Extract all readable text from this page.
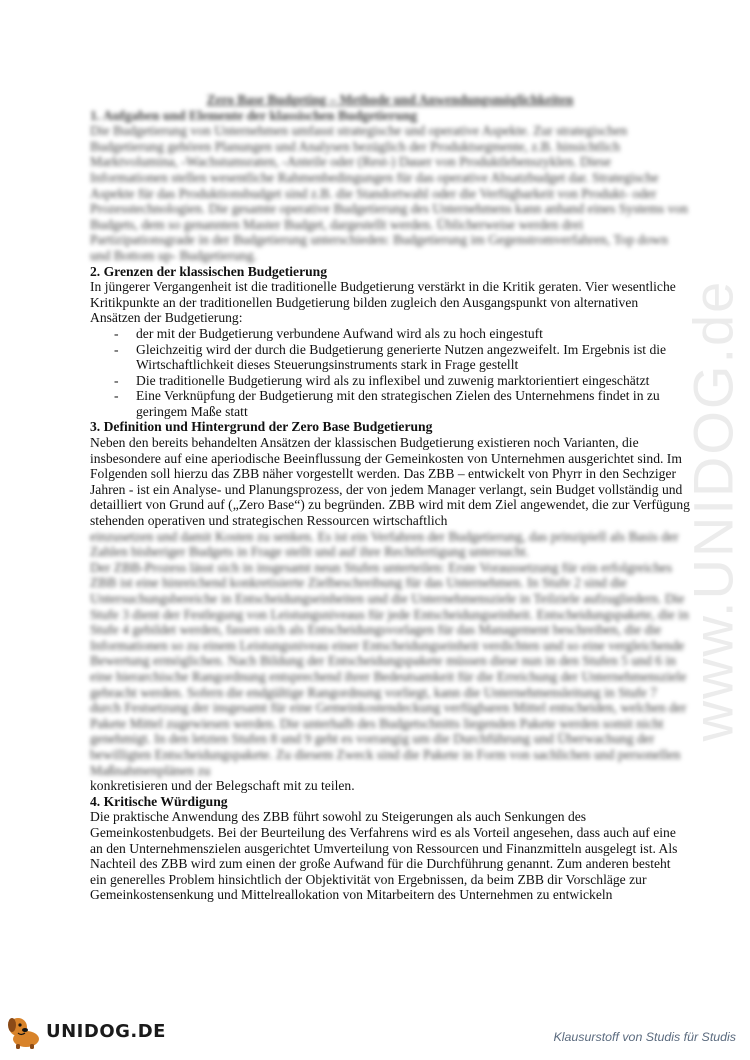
www.UNIDOG.de

Zero Base Budgeting – Methode und Anwendungsmöglichkeiten

1. Aufgaben und Elemente der klassischen Budgetierung

Die Budgetierung von Unternehmen umfasst strategische und operative Aspekte. Zur strategischen Budgetierung gehören Planungen und Analysen bezüglich der Produktsegmente, z.B. hinsichtlich Marktvolumina, -Wachstumsraten, -Anteile oder (Rest-) Dauer von Produktlebenszyklen. Diese Informationen stellen wesentliche Rahmenbedingungen für das operative Absatzbudget dar. Strategische Aspekte für das Produktionsbudget sind z.B. die Standortwahl oder die Verfügbarkeit von Produkt- oder Prozesstechnologien. Die gesamte operative Budgetierung des Unternehmens kann anhand eines Systems von Budgets, dem so genannten Master Budget, dargestellt werden. Üblicherweise werden drei Partizipationsgrade in der Budgetierung unterschieden: Budgetierung im Gegenstromverfahren, Top down und Bottom up- Budgetierung.

2. Grenzen der klassischen Budgetierung

In jüngerer Vergangenheit ist die traditionelle Budgetierung verstärkt in die Kritik geraten. Vier wesentliche Kritikpunkte an der traditionellen Budgetierung bilden zugleich den Ausgangspunkt von alternativen Ansätzen der Budgetierung:

- der mit der Budgetierung verbundene Aufwand wird als zu hoch eingestuft
- Gleichzeitig wird der durch die Budgetierung generierte Nutzen angezweifelt. Im Ergebnis ist die Wirtschaftlichkeit dieses Steuerungsinstruments stark in Frage gestellt
- Die traditionelle Budgetierung wird als zu inflexibel und zuwenig marktorientiert eingeschätzt
- Eine Verknüpfung der Budgetierung mit den strategischen Zielen des Unternehmens findet in zu geringem Maße statt
3. Definition und Hintergrund der Zero Base Budgetierung

Neben den bereits behandelten Ansätzen der klassischen Budgetierung existieren noch Varianten, die insbesondere auf eine aperiodische Beeinflussung der Gemeinkosten von Unternehmen ausgerichtet sind. Im Folgenden soll hierzu das ZBB näher vorgestellt werden. Das ZBB – entwickelt von Phyrr in den Sechziger Jahren - ist ein Analyse- und Planungsprozess, der von jedem Manager verlangt, sein Budget vollständig und detailliert von Grund auf („Zero Base“) zu begründen. ZBB wird mit dem Ziel angewendet, die zur Verfügung stehenden operativen und strategischen Ressourcen wirtschaftlich

einzusetzen und damit Kosten zu senken. Es ist ein Verfahren der Budgetierung, das prinzipiell als Basis der Zahlen bisheriger Budgets in Frage stellt und auf ihre Rechtfertigung untersucht.

Der ZBB-Prozess lässt sich in insgesamt neun Stufen unterteilen: Erste Voraussetzung für ein erfolgreiches ZBB ist eine hinreichend konkretisierte Zielbeschreibung für das Unternehmen. In Stufe 2 sind die Untersuchungsbereiche in Entscheidungseinheiten und die Unternehmensziele in Teilziele aufzugliedern. Die Stufe 3 dient der Festlegung von Leistungsniveaus für jede Entscheidungseinheit. Entscheidungspakete, die in Stufe 4 gebildet werden, fassen sich als Entscheidungsvorlagen für das Management beschreiben, die die Informationen so zu einem Leistungsniveau einer Entscheidungseinheit verdichten und so eine vergleichende Bewertung ermöglichen. Nach Bildung der Entscheidungspakete müssen diese nun in den Stufen 5 und 6 in eine hierarchische Rangordnung entsprechend ihrer Bedeutsamkeit für die Erreichung der Unternehmensziele gebracht werden. Sofern die endgültige Rangordnung vorliegt, kann die Unternehmensleitung in Stufe 7 durch Festsetzung der insgesamt für eine Gemeinkostendeckung verfügbaren Mittel entscheiden, welchen der Pakete Mittel zugewiesen werden. Die unterhalb des Budgetschnitts liegenden Pakete werden somit nicht genehmigt. In den letzten Stufen 8 und 9 geht es vorrangig um die Durchführung und Überwachung der bewilligten Entscheidungspakete. Zu diesem Zweck sind die Pakete in Form von sachlichen und personellen Maßnahmenplänen zu

konkretisieren und der Belegschaft mit zu teilen.

4. Kritische Würdigung

Die praktische Anwendung des ZBB führt sowohl zu Steigerungen als auch Senkungen des Gemeinkostenbudgets. Bei der Beurteilung des Verfahrens wird es als Vorteil angesehen, dass auch auf eine an den Unternehmenszielen ausgerichtet Umverteilung von Ressourcen und Finanzmitteln ausgelegt ist. Als Nachteil des ZBB wird zum einen der große Aufwand für die Durchführung genannt. Zum anderen besteht ein generelles Problem hinsichtlich der Objektivität von Ergebnissen, da beim ZBB dir Vorschläge zur Gemeinkostensenkung und Mittelreallokation von Mitarbeitern des Unternehmen zu entwickeln

UNIDOG.DE	Klausurstoff von Studis für Studis
